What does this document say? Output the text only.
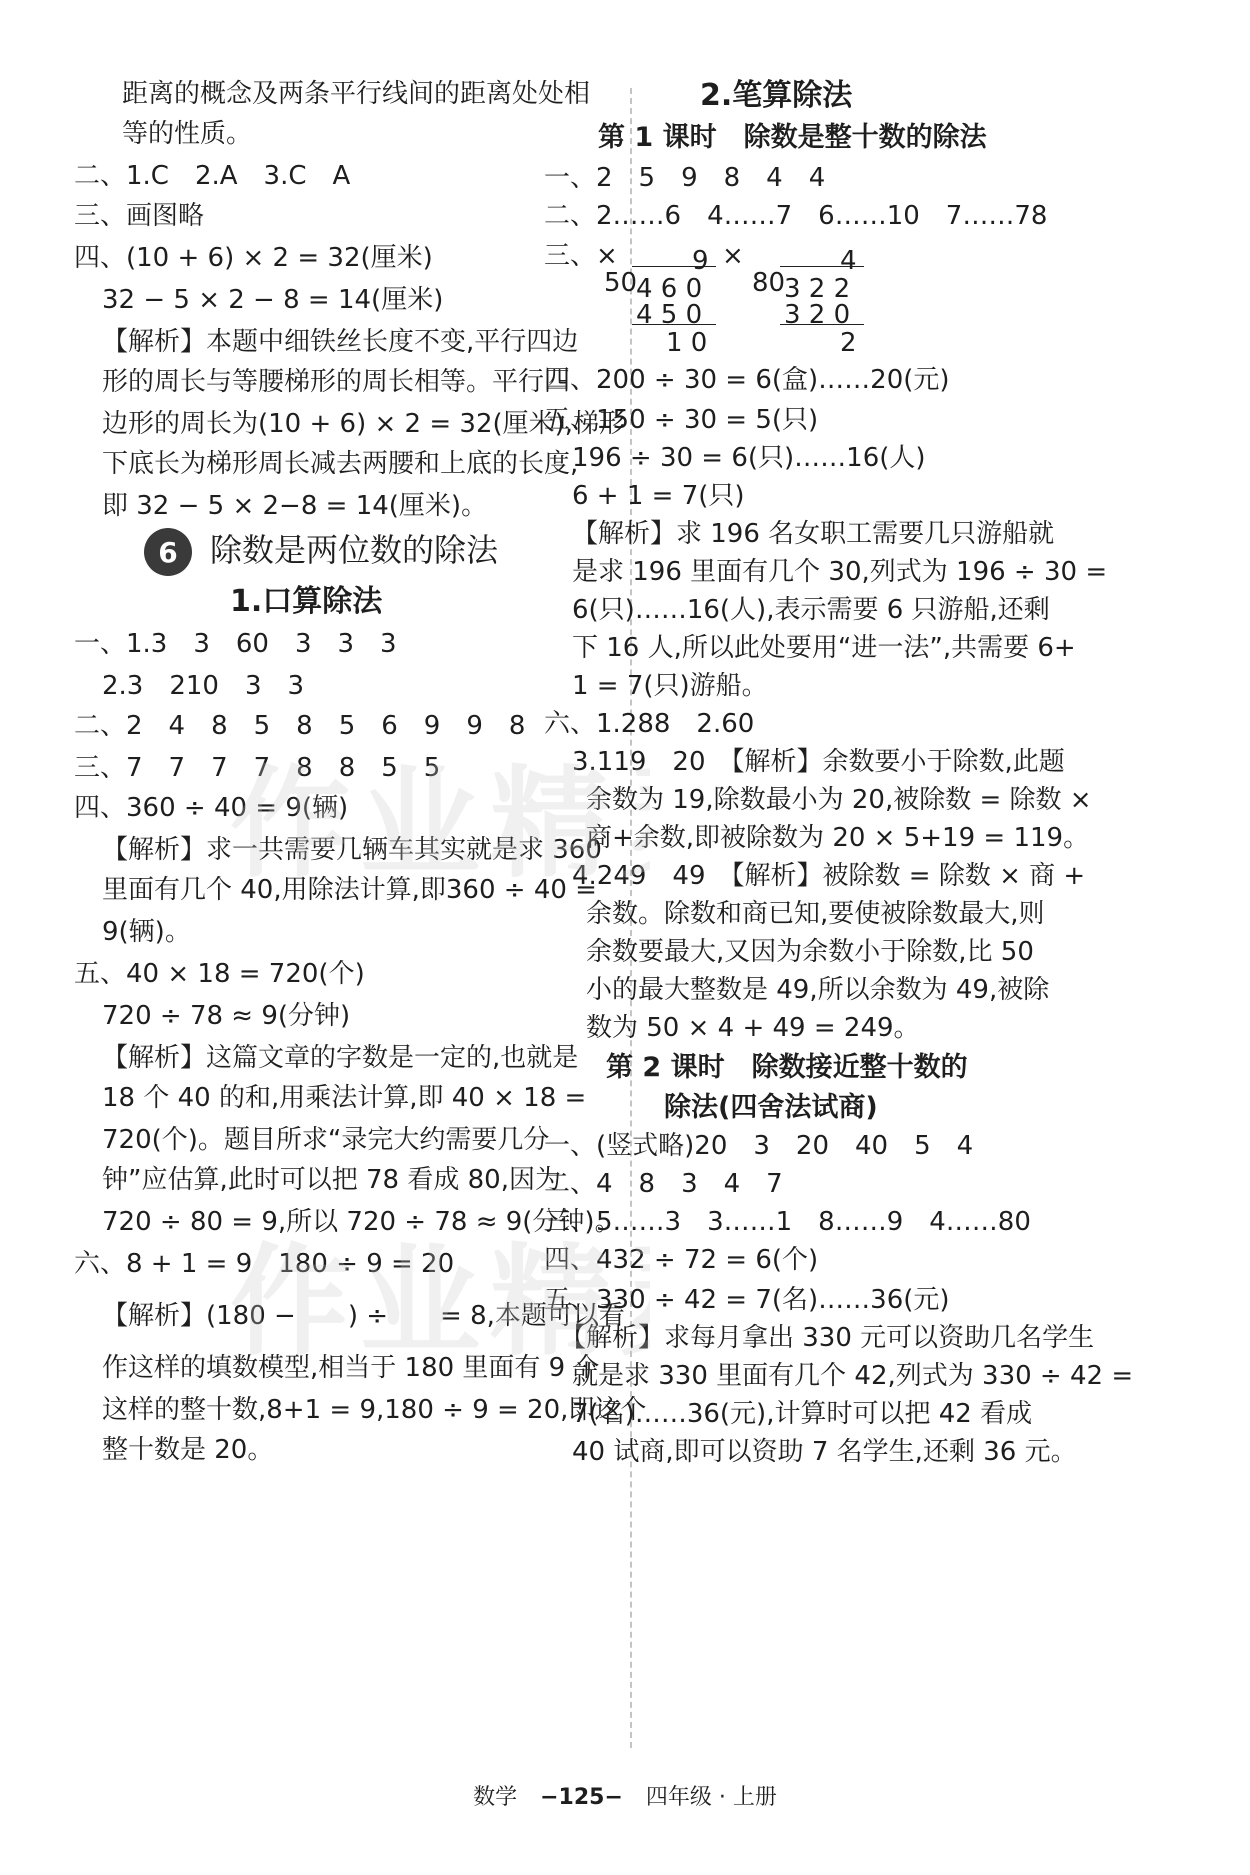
距离的概念及两条平行线间的距离处处相
等的性质。
二、1.C　2.A　3.C　A
三、画图略
四、(10 + 6) × 2 = 32(厘米)
32 − 5 × 2 − 8 = 14(厘米)
【解析】本题中细铁丝长度不变,平行四边
形的周长与等腰梯形的周长相等。平行四
边形的周长为(10 + 6) × 2 = 32(厘米),梯形
下底长为梯形周长减去两腰和上底的长度,
即 32 − 5 × 2−8 = 14(厘米)。
6	除数是两位数的除法
1.口算除法
一、1.3　3　60　3　3　3
2.3　210　3　3
二、2　4　8　5　8　5　6　9　9　8
三、7　7　7　7　8　8　5　5
四、360 ÷ 40 = 9(辆)
【解析】求一共需要几辆车其实就是求 360
里面有几个 40,用除法计算,即360 ÷ 40 =
9(辆)。
五、40 × 18 = 720(个)
720 ÷ 78 ≈ 9(分钟)
【解析】这篇文章的字数是一定的,也就是
18 个 40 的和,用乘法计算,即 40 × 18 =
720(个)。题目所求“录完大约需要几分
钟”应估算,此时可以把 78 看成 80,因为
720 ÷ 80 = 9,所以 720 ÷ 78 ≈ 9(分钟)。
六、8 + 1 = 9　180 ÷ 9 = 20
【解析】(180 −　　) ÷　　= 8,本题可以看
作这样的填数模型,相当于 180 里面有 9 个
这样的整十数,8+1 = 9,180 ÷ 9 = 20,即这个
整十数是 20。
2.笔算除法
第 1 课时　除数是整十数的除法
一、2　5　9　8　4　4
二、2……6　4……7　6……10　7……78
三、×	×
9
50
4 6 0
4 5 0
1 0
4
80
3 2 2
3 2 0
2
四、200 ÷ 30 = 6(盒)……20(元)
五、150 ÷ 30 = 5(只)
196 ÷ 30 = 6(只)……16(人)
6 + 1 = 7(只)
【解析】求 196 名女职工需要几只游船就
是求 196 里面有几个 30,列式为 196 ÷ 30 =
6(只)……16(人),表示需要 6 只游船,还剩
下 16 人,所以此处要用“进一法”,共需要 6+
1 = 7(只)游船。
六、1.288　2.60
3.119　20　【解析】余数要小于除数,此题
余数为 19,除数最小为 20,被除数 = 除数 ×
商+余数,即被除数为 20 × 5+19 = 119。
4.249　49　【解析】被除数 = 除数 × 商 +
余数。除数和商已知,要使被除数最大,则
余数要最大,又因为余数小于除数,比 50
小的最大整数是 49,所以余数为 49,被除
数为 50 × 4 + 49 = 249。
第 2 课时　除数接近整十数的
除法(四舍法试商)
一、(竖式略)20　3　20　40　5　4
二、4　8　3　4　7
三、5……3　3……1　8……9　4……80
四、432 ÷ 72 = 6(个)
五、330 ÷ 42 = 7(名)……36(元)
【解析】求每月拿出 330 元可以资助几名学生
就是求 330 里面有几个 42,列式为 330 ÷ 42 =
7(名)……36(元),计算时可以把 42 看成
40 试商,即可以资助 7 名学生,还剩 36 元。
作业精
作业精
数学 −125− 四年级 · 上册
